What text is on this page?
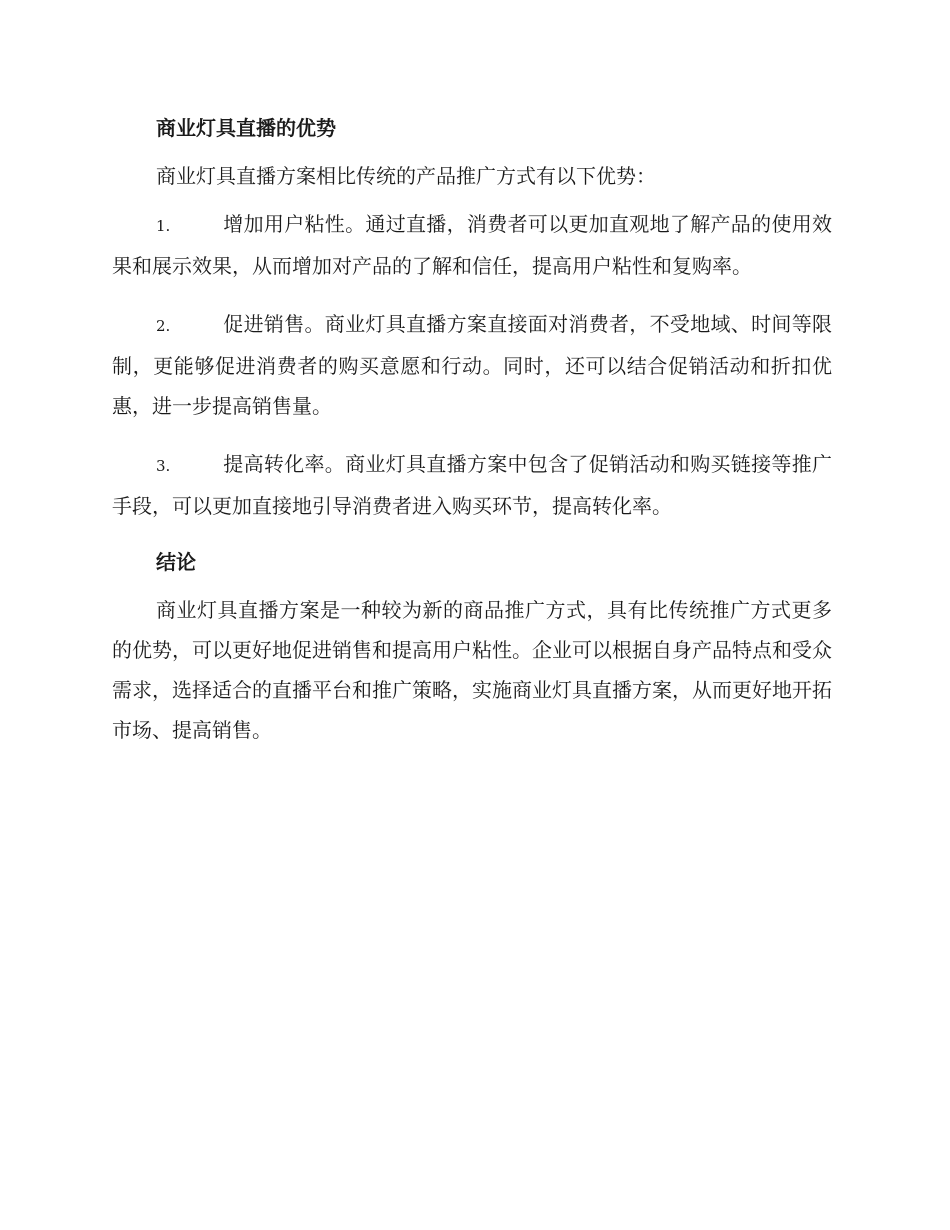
商业灯具直播的优势

商业灯具直播方案相比传统的产品推广方式有以下优势：

1.	增加用户粘性。通过直播，消费者可以更加直观地了解产品的使用效果和展示效果，从而增加对产品的了解和信任，提高用户粘性和复购率。

2.	促进销售。商业灯具直播方案直接面对消费者，不受地域、时间等限制，更能够促进消费者的购买意愿和行动。同时，还可以结合促销活动和折扣优惠，进一步提高销售量。

3.	提高转化率。商业灯具直播方案中包含了促销活动和购买链接等推广手段，可以更加直接地引导消费者进入购买环节，提高转化率。

结论

商业灯具直播方案是一种较为新的商品推广方式，具有比传统推广方式更多的优势，可以更好地促进销售和提高用户粘性。企业可以根据自身产品特点和受众需求，选择适合的直播平台和推广策略，实施商业灯具直播方案，从而更好地开拓市场、提高销售。
